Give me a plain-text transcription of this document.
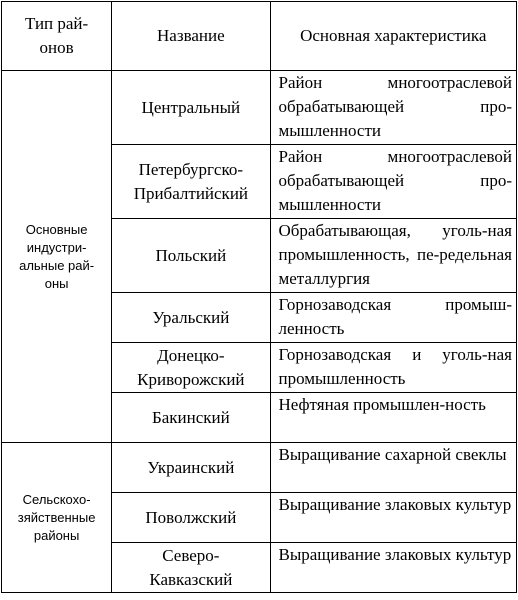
Тип рай-
онов	Название	Основная характеристика
Основные
индустри-
альные рай-
оны	Центральный	Район многоотраслевой обрабатывающей про-мышленности
	Петербургско-
Прибалтийский	Район многоотраслевой обрабатывающей про-мышленности
	Польский	Обрабатывающая, уголь-ная промышленность, пе-редельная металлургия
	Уральский	Горнозаводская промыш-ленность
	Донецко-
Криворожский	Горнозаводская и уголь-ная промышленность
	Бакинский	Нефтяная промышлен-ность
Сельскохо-
зяйственные
районы	Украинский	Выращивание сахарной свеклы
	Поволжский	Выращивание злаковых культур
	Северо-
Кавказский	Выращивание злаковых культур
